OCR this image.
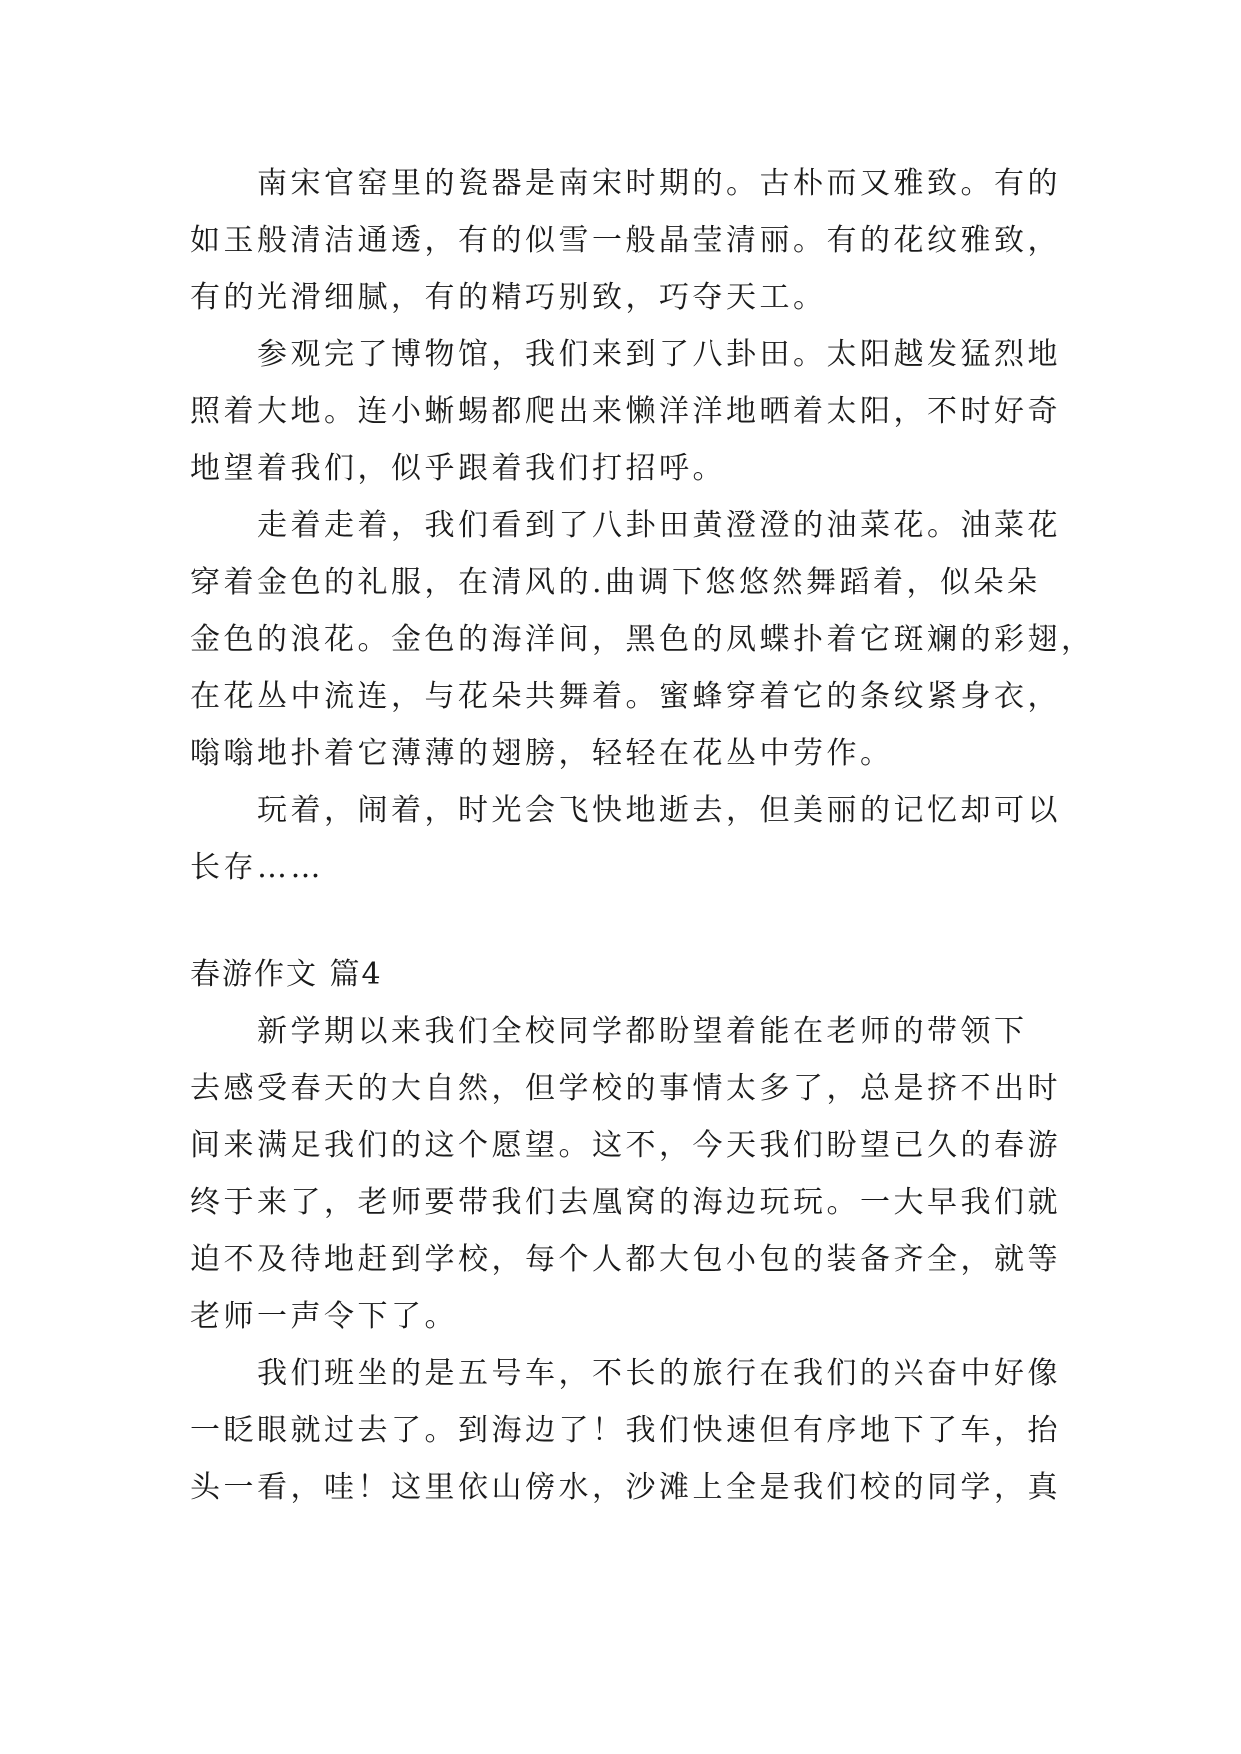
南宋官窑里的瓷器是南宋时期的。古朴而又雅致。有的
如玉般清洁通透，有的似雪一般晶莹清丽。有的花纹雅致，
有的光滑细腻，有的精巧别致，巧夺天工。
参观完了博物馆，我们来到了八卦田。太阳越发猛烈地
照着大地。连小蜥蜴都爬出来懒洋洋地晒着太阳，不时好奇
地望着我们，似乎跟着我们打招呼。
走着走着，我们看到了八卦田黄澄澄的油菜花。油菜花
穿着金色的礼服，在清风的.曲调下悠悠然舞蹈着，似朵朵
金色的浪花。金色的海洋间，黑色的凤蝶扑着它斑斓的彩翅，
在花丛中流连，与花朵共舞着。蜜蜂穿着它的条纹紧身衣，
嗡嗡地扑着它薄薄的翅膀，轻轻在花丛中劳作。
玩着，闹着，时光会飞快地逝去，但美丽的记忆却可以
长存……
春游作文 篇4
新学期以来我们全校同学都盼望着能在老师的带领下
去感受春天的大自然，但学校的事情太多了，总是挤不出时
间来满足我们的这个愿望。这不，今天我们盼望已久的春游
终于来了，老师要带我们去凰窝的海边玩玩。一大早我们就
迫不及待地赶到学校，每个人都大包小包的装备齐全，就等
老师一声令下了。
我们班坐的是五号车，不长的旅行在我们的兴奋中好像
一眨眼就过去了。到海边了！我们快速但有序地下了车，抬
头一看，哇！这里依山傍水，沙滩上全是我们校的同学，真
